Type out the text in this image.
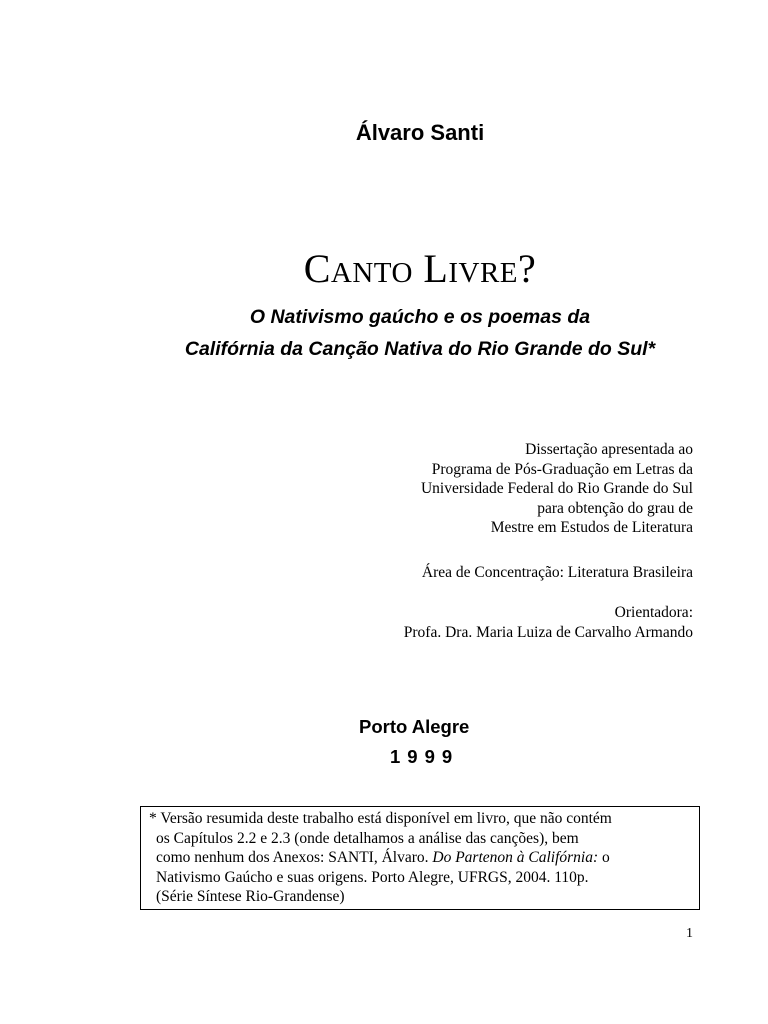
Álvaro Santi
CANTO LIVRE?
O Nativismo gaúcho e os poemas da
Califórnia da Canção Nativa do Rio Grande do Sul*
Dissertação apresentada ao
Programa de Pós-Graduação em Letras da
Universidade Federal do Rio Grande do Sul
para obtenção do grau de
Mestre em Estudos de Literatura
Área de Concentração: Literatura Brasileira
Orientadora:
Profa. Dra. Maria Luiza de Carvalho Armando
Porto Alegre
1999
* Versão resumida deste trabalho está disponível em livro, que não contém
os Capítulos 2.2 e 2.3 (onde detalhamos a análise das canções), bem
como nenhum dos Anexos: SANTI, Álvaro. Do Partenon à Califórnia: o
Nativismo Gaúcho e suas origens. Porto Alegre, UFRGS, 2004. 110p.
(Série Síntese Rio-Grandense)
1
